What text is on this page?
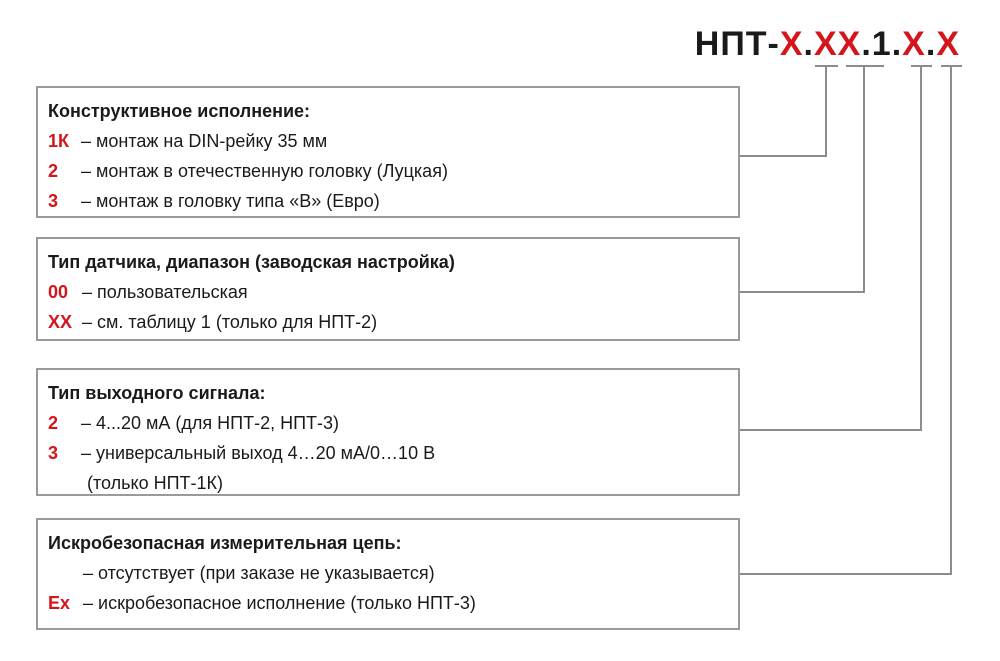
НПТ-Х.ХХ.1.Х.Х
Конструктивное исполнение:
1К – монтаж на DIN-рейку 35 мм
2 – монтаж в отечественную головку (Луцкая)
3 – монтаж в головку типа «В» (Евро)
Тип датчика, диапазон (заводская настройка)
00 – пользовательская
ХХ – см. таблицу 1 (только для НПТ-2)
Тип выходного сигнала:
2 – 4...20 мА (для НПТ-2, НПТ-3)
3 – универсальный выход 4…20 мА/0…10 В
(только НПТ-1К)
Искробезопасная измерительная цепь:
– отсутствует (при заказе не указывается)
Ex – искробезопасное исполнение (только НПТ-3)
